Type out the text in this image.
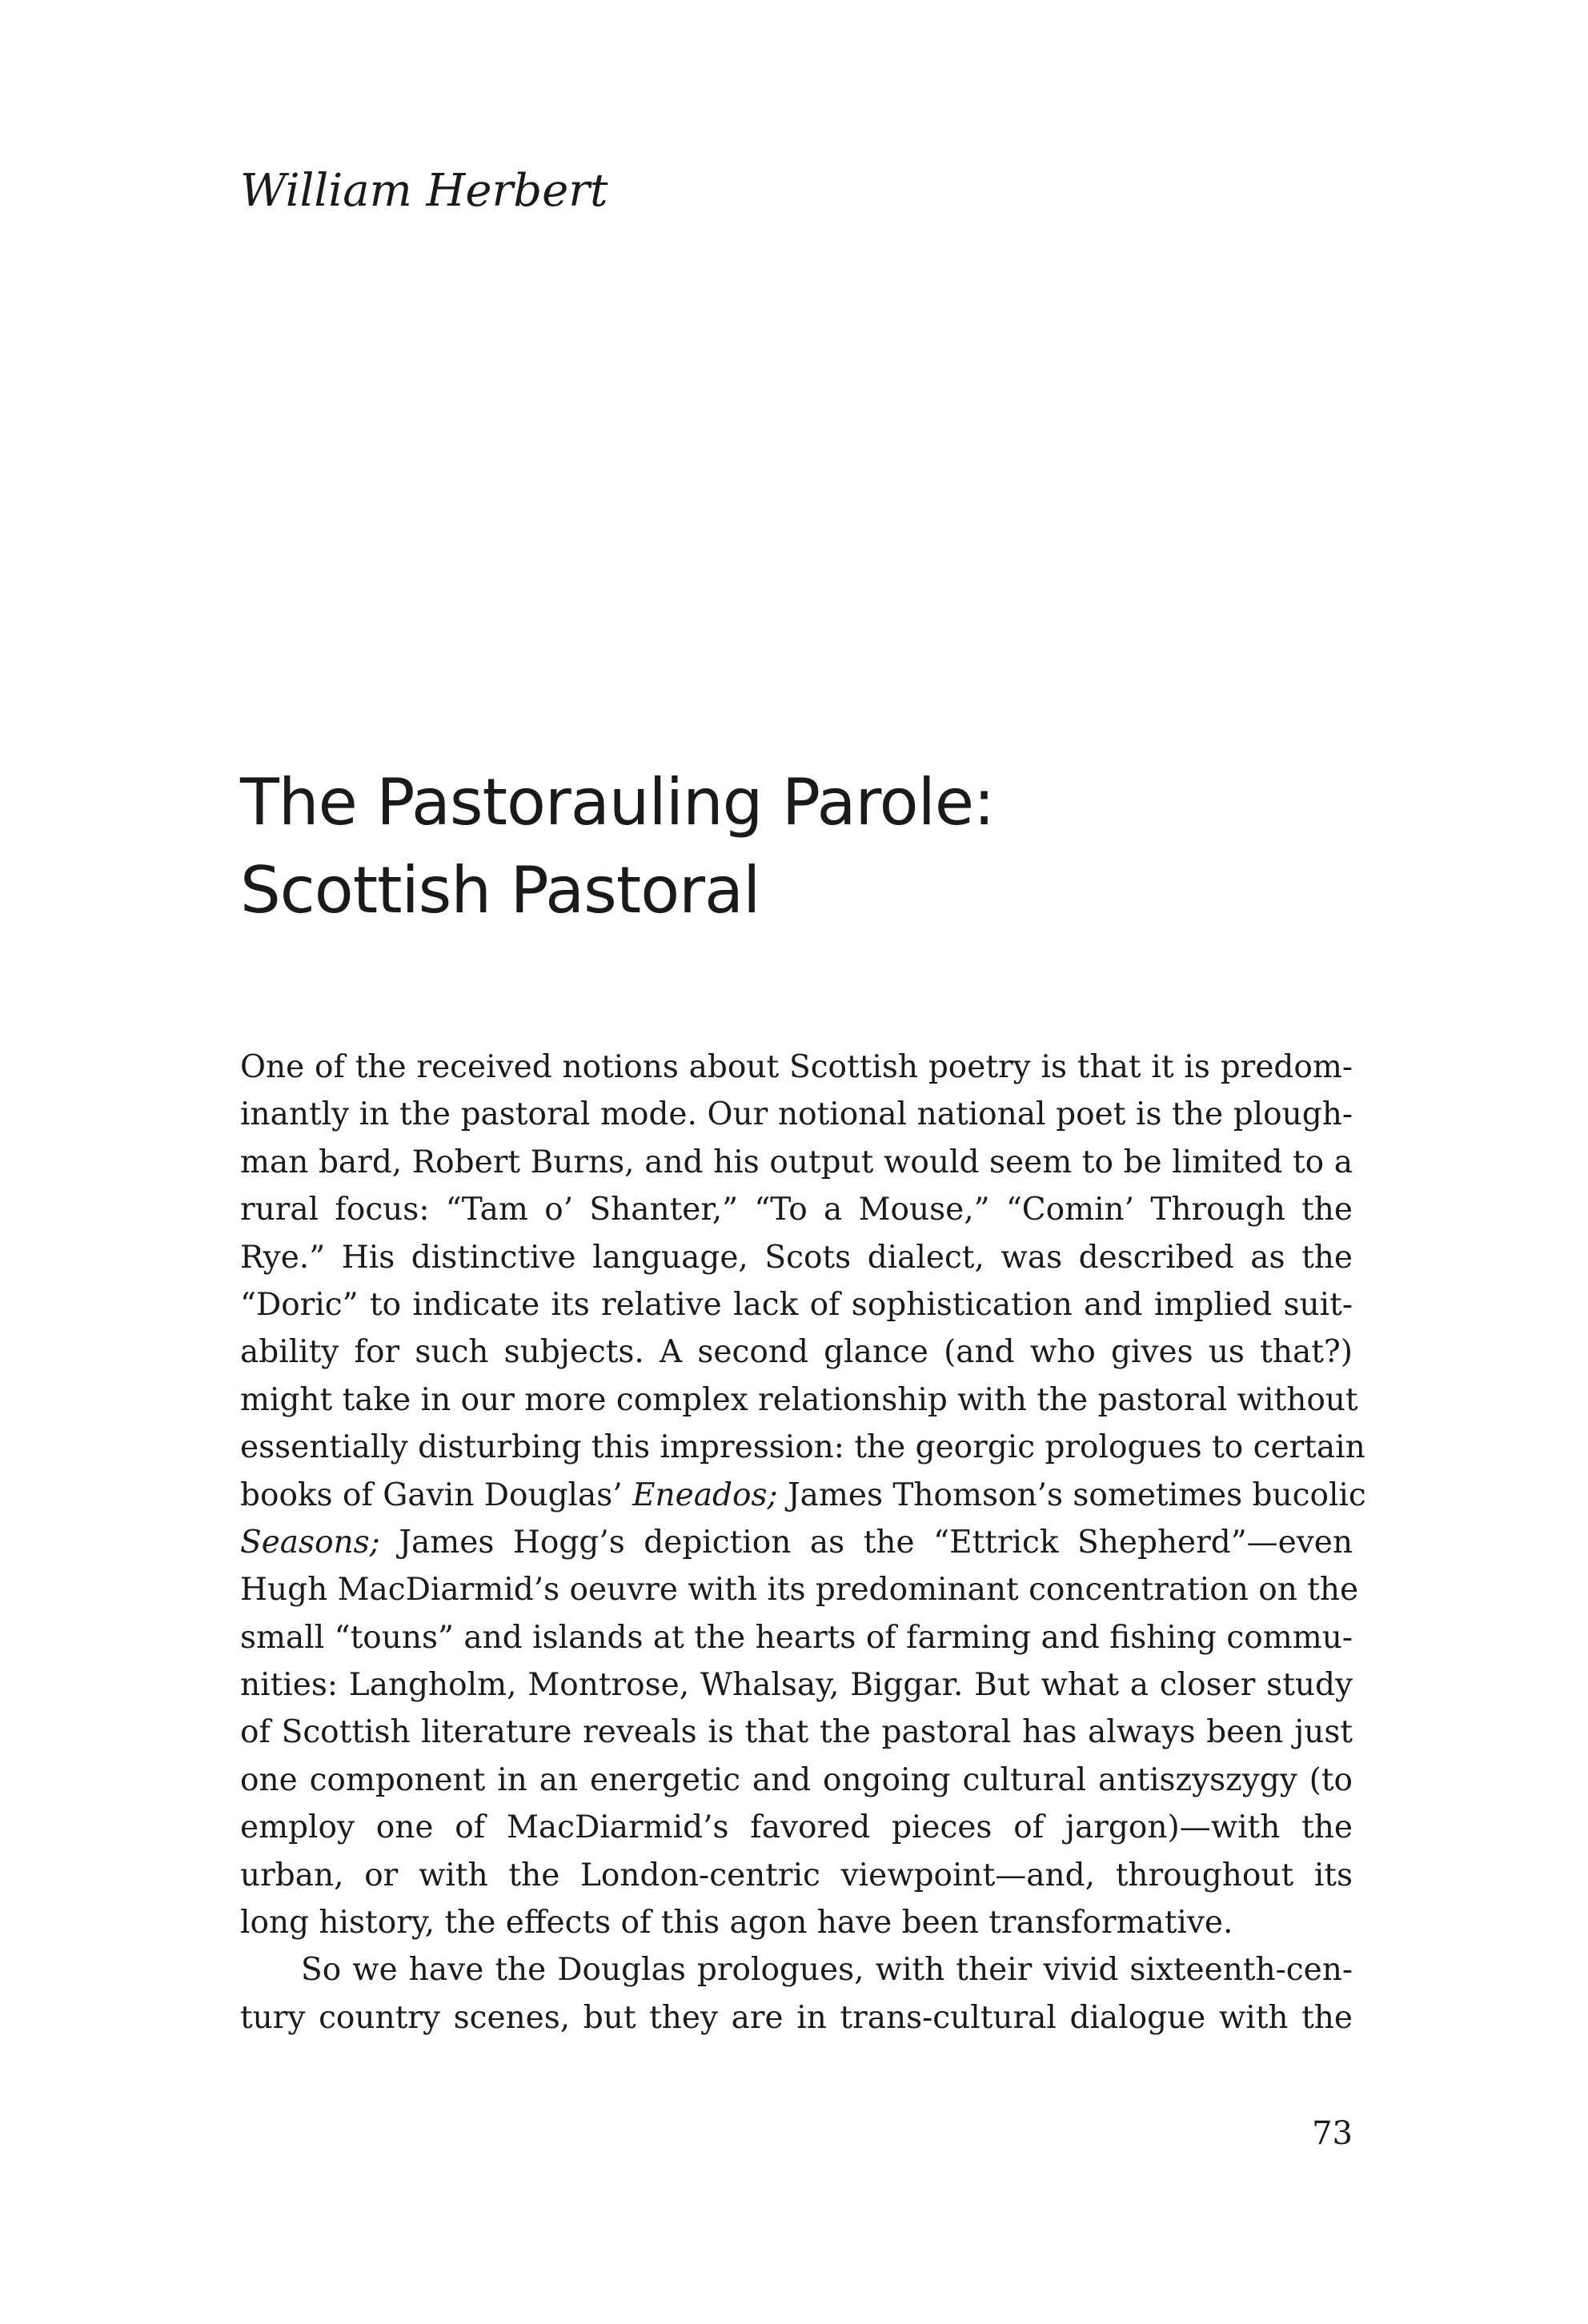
William Herbert
The Pastorauling Parole:
Scottish Pastoral
One of the received notions about Scottish poetry is that it is predom-
inantly in the pastoral mode. Our notional national poet is the plough-
man bard, Robert Burns, and his output would seem to be limited to a
rural focus: “Tam o’ Shanter,” “To a Mouse,” “Comin’ Through the
Rye.” His distinctive language, Scots dialect, was described as the
“Doric” to indicate its relative lack of sophistication and implied suit-
ability for such subjects. A second glance (and who gives us that?)
might take in our more complex relationship with the pastoral without
essentially disturbing this impression: the georgic prologues to certain
books of Gavin Douglas’ Eneados; James Thomson’s sometimes bucolic
Seasons; James Hogg’s depiction as the “Ettrick Shepherd”—even
Hugh MacDiarmid’s oeuvre with its predominant concentration on the
small “touns” and islands at the hearts of farming and fishing commu-
nities: Langholm, Montrose, Whalsay, Biggar. But what a closer study
of Scottish literature reveals is that the pastoral has always been just
one component in an energetic and ongoing cultural antiszyszygy (to
employ one of MacDiarmid’s favored pieces of jargon)—with the
urban, or with the London-centric viewpoint—and, throughout its
long history, the effects of this agon have been transformative.
So we have the Douglas prologues, with their vivid sixteenth-cen-
tury country scenes, but they are in trans-cultural dialogue with the

73
